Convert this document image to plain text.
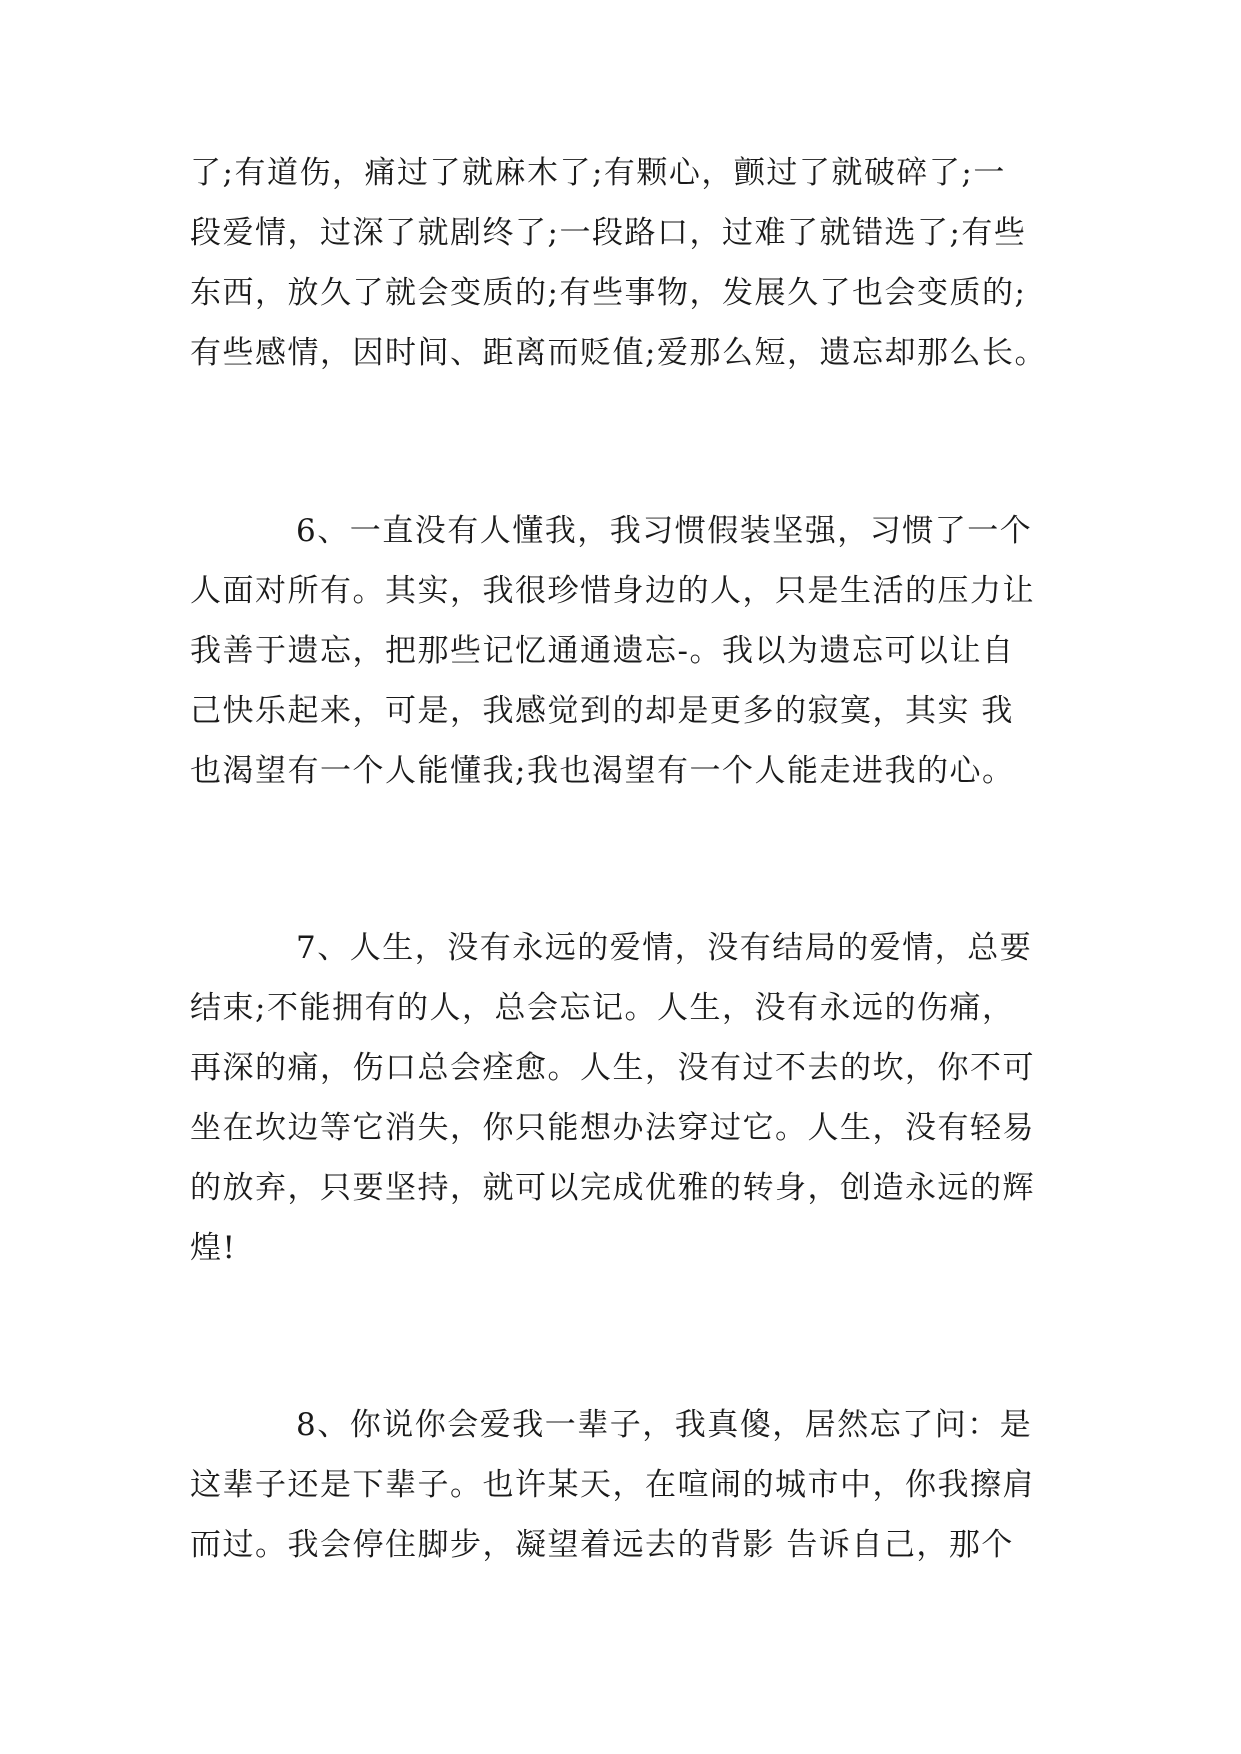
了;有道伤，痛过了就麻木了;有颗心，颤过了就破碎了;一
段爱情，过深了就剧终了;一段路口，过难了就错选了;有些
东西，放久了就会变质的;有些事物，发展久了也会变质的;
有些感情，因时间、距离而贬值;爱那么短，遗忘却那么长。
6、一直没有人懂我，我习惯假装坚强，习惯了一个
人面对所有。其实，我很珍惜身边的人，只是生活的压力让
我善于遗忘，把那些记忆通通遗忘-。我以为遗忘可以让自
己快乐起来，可是，我感觉到的却是更多的寂寞，其实 我
也渴望有一个人能懂我;我也渴望有一个人能走进我的心。
7、人生，没有永远的爱情，没有结局的爱情，总要
结束;不能拥有的人，总会忘记。人生，没有永远的伤痛，
再深的痛，伤口总会痊愈。人生，没有过不去的坎，你不可
坐在坎边等它消失，你只能想办法穿过它。人生，没有轻易
的放弃，只要坚持，就可以完成优雅的转身，创造永远的辉
煌!
8、你说你会爱我一辈子，我真傻，居然忘了问：是
这辈子还是下辈子。也许某天，在喧闹的城市中，你我擦肩
而过。我会停住脚步，凝望着远去的背影 告诉自己，那个
